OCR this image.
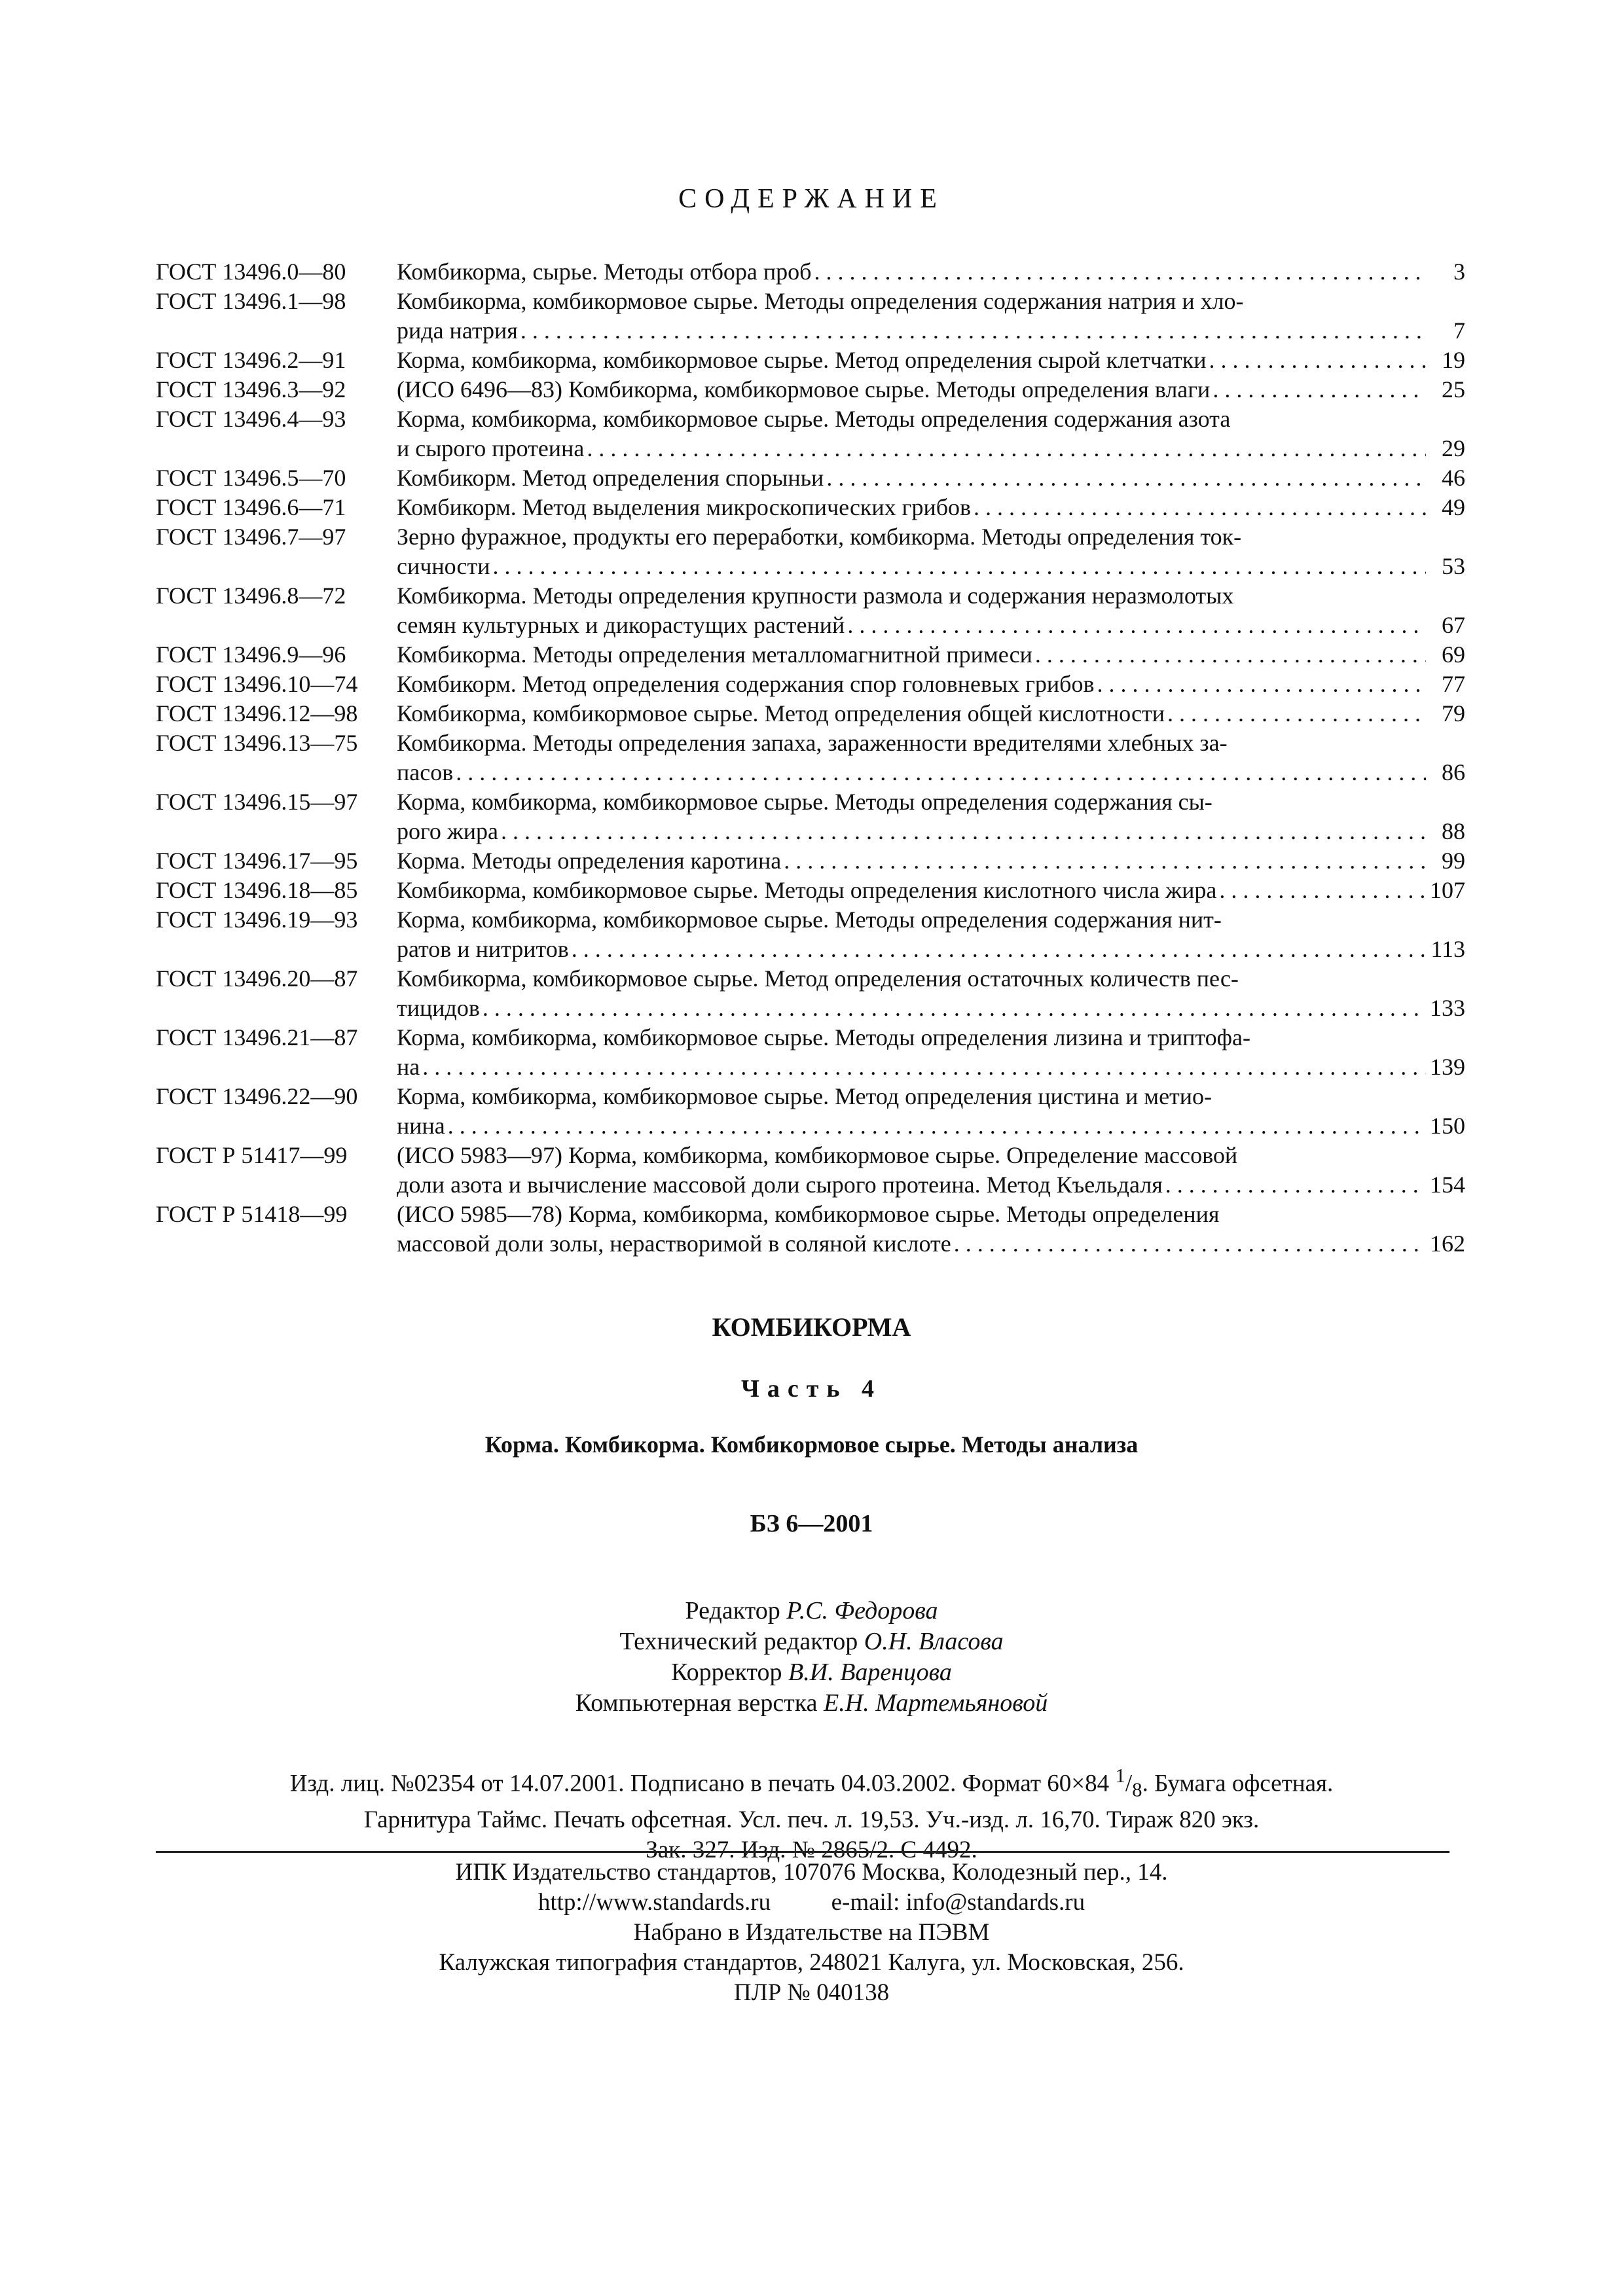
СОДЕРЖАНИЕ
ГОСТ 13496.0—80	Комбикорма, сырье. Методы отбора проб . . .	3
ГОСТ 13496.1—98	Комбикорма, комбикормовое сырье. Методы определения содержания натрия и хло-
рида натрия . . .	7
ГОСТ 13496.2—91	Корма, комбикорма, комбикормовое сырье. Метод определения сырой клетчатки . . .	19
ГОСТ 13496.3—92	(ИСО 6496—83) Комбикорма, комбикормовое сырье. Методы определения влаги . . .	25
ГОСТ 13496.4—93	Корма, комбикорма, комбикормовое сырье. Методы определения содержания азота
и сырого протеина . . .	29
ГОСТ 13496.5—70	Комбикорм. Метод определения спорыньи . . .	46
ГОСТ 13496.6—71	Комбикорм. Метод выделения микроскопических грибов . . .	49
ГОСТ 13496.7—97	Зерно фуражное, продукты его переработки, комбикорма. Методы определения ток-
сичности . . .	53
ГОСТ 13496.8—72	Комбикорма. Методы определения крупности размола и содержания неразмолотых
семян культурных и дикорастущих растений . . .	67
ГОСТ 13496.9—96	Комбикорма. Методы определения металломагнитной примеси . . .	69
ГОСТ 13496.10—74	Комбикорм. Метод определения содержания спор головневых грибов . . .	77
ГОСТ 13496.12—98	Комбикорма, комбикормовое сырье. Метод определения общей кислотности . . .	79
ГОСТ 13496.13—75	Комбикорма. Методы определения запаха, зараженности вредителями хлебных за-
пасов . . .	86
ГОСТ 13496.15—97	Корма, комбикорма, комбикормовое сырье. Методы определения содержания сы-
рого жира . . .	88
ГОСТ 13496.17—95	Корма. Методы определения каротина . . .	99
ГОСТ 13496.18—85	Комбикорма, комбикормовое сырье. Методы определения кислотного числа жира . . .	107
ГОСТ 13496.19—93	Корма, комбикорма, комбикормовое сырье. Методы определения содержания нит-
ратов и нитритов . . .	113
ГОСТ 13496.20—87	Комбикорма, комбикормовое сырье. Метод определения остаточных количеств пес-
тицидов . . .	133
ГОСТ 13496.21—87	Корма, комбикорма, комбикормовое сырье. Методы определения лизина и триптофа-
на . . .	139
ГОСТ 13496.22—90	Корма, комбикорма, комбикормовое сырье. Метод определения цистина и метио-
нина . . .	150
ГОСТ Р 51417—99	(ИСО 5983—97) Корма, комбикорма, комбикормовое сырье. Определение массовой
доли азота и вычисление массовой доли сырого протеина. Метод Къельдаля . . .	154
ГОСТ Р 51418—99	(ИСО 5985—78) Корма, комбикорма, комбикормовое сырье. Методы определения
массовой доли золы, нерастворимой в соляной кислоте . . .	162
КОМБИКОРМА
Часть 4
Корма. Комбикорма. Комбикормовое сырье. Методы анализа
БЗ 6—2001
Редактор Р.С. Федорова
Технический редактор О.Н. Власова
Корректор В.И. Варенцова
Компьютерная верстка Е.Н. Мартемьяновой
Изд. лиц. №02354 от 14.07.2001. Подписано в печать 04.03.2002. Формат 60×84 $^1/_8$. Бумага офсетная.
Гарнитура Таймс. Печать офсетная. Усл. печ. л. 19,53. Уч.-изд. л. 16,70. Тираж 820 экз.
Зак. 327. Изд. № 2865/2. С 4492.
ИПК Издательство стандартов, 107076 Москва, Колодезный пер., 14.
http://www.standards.ru          e-mail: info@standards.ru
Набрано в Издательстве на ПЭВМ
Калужская типография стандартов, 248021 Калуга, ул. Московская, 256.
ПЛР № 040138
